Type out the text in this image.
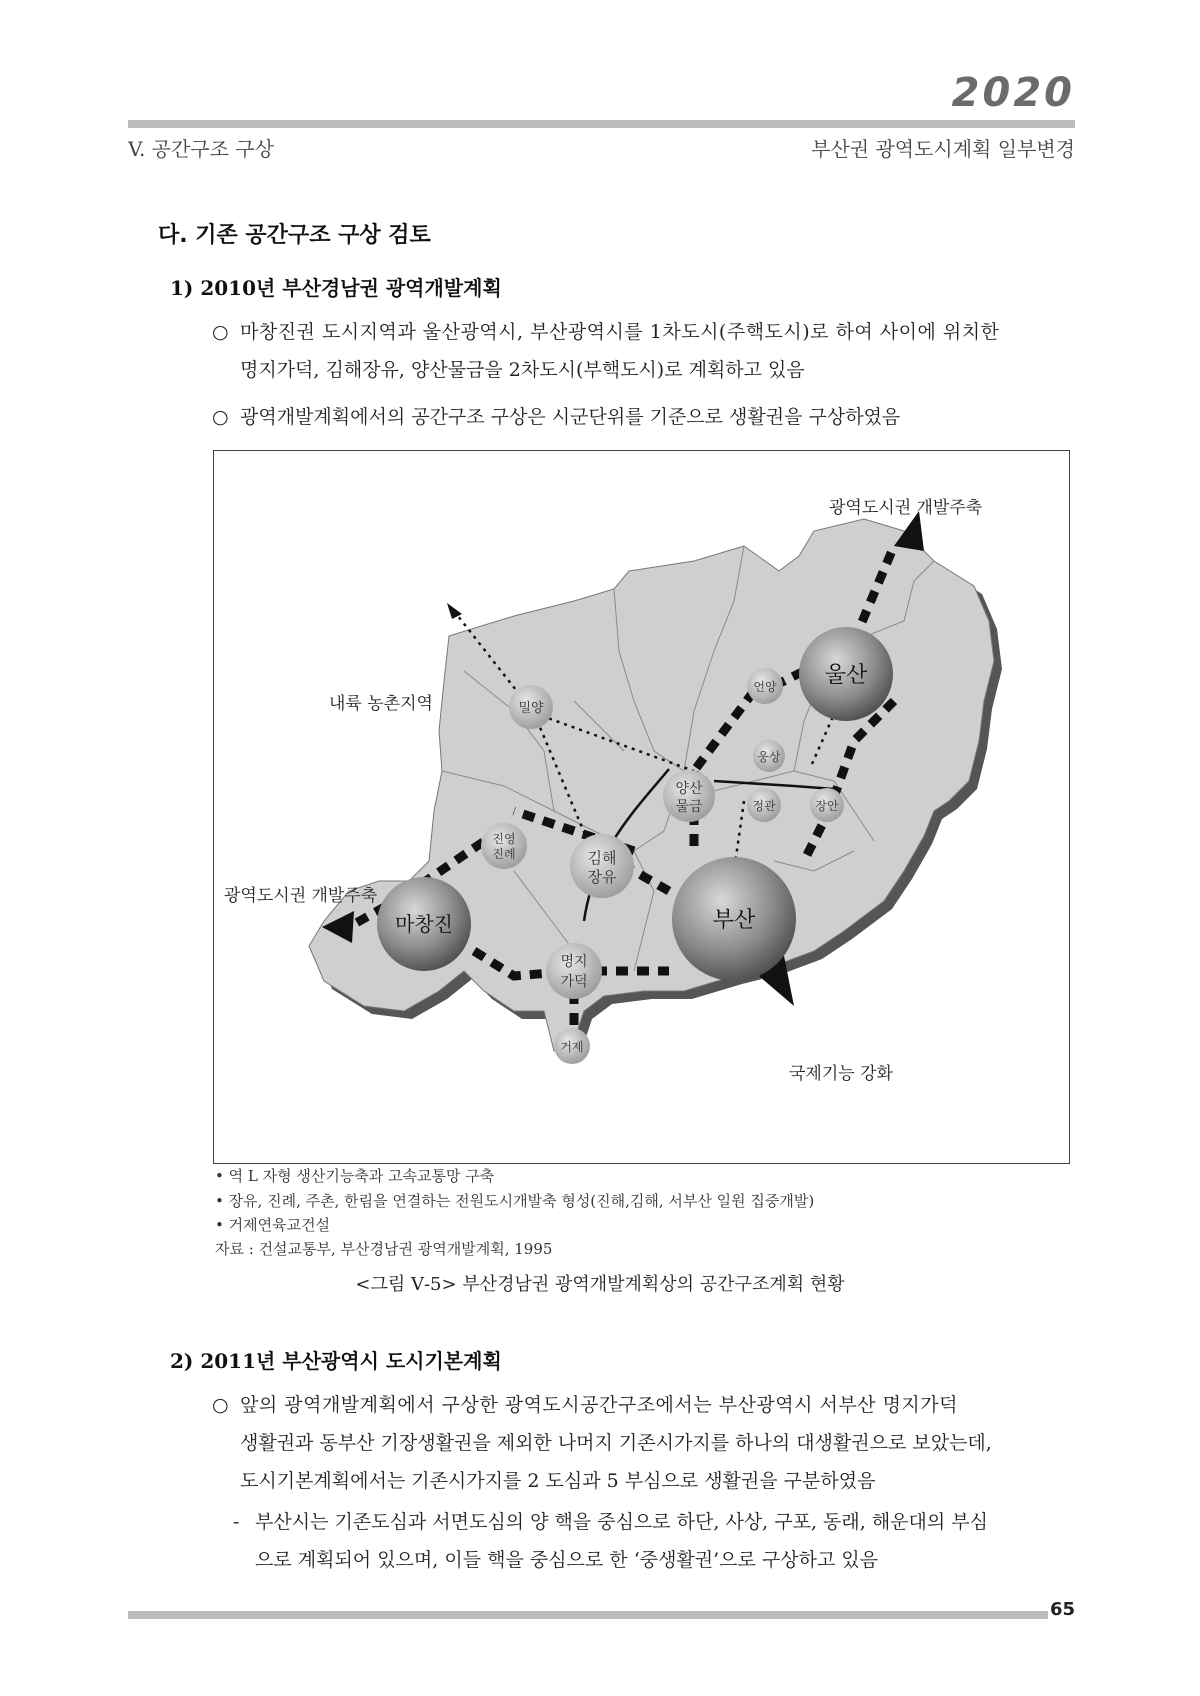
2020
V. 공간구조 구상	부산권 광역도시계획 일부변경
다. 기존 공간구조 구상 검토
1) 2010년 부산경남권 광역개발계획
○ 마창진권 도시지역과 울산광역시, 부산광역시를 1차도시(주핵도시)로 하여 사이에 위치한
명지가덕, 김해장유, 양산물금을 2차도시(부핵도시)로 계획하고 있음
○ 광역개발계획에서의 공간구조 구상은 시군단위를 기준으로 생활권을 구상하였음
울산
부산
마창진
언양
밀양
웅상
양산
물금	정관	장안
진영
진례	김해
장유
명지
가덕
거제
광역도시권 개발주축
내륙 농촌지역
광역도시권 개발주축
국제기능 강화
• 역 L 자형 생산기능축과 고속교통망 구축
• 장유, 진례, 주촌, 한림을 연결하는 전원도시개발축 형성(진해,김해, 서부산 일원 집중개발)
• 거제연육교건설
자료 : 건설교통부, 부산경남권 광역개발계획, 1995
<그림 Ⅴ-5> 부산경남권 광역개발계획상의 공간구조계획 현황
2) 2011년 부산광역시 도시기본계획
○ 앞의 광역개발계획에서 구상한 광역도시공간구조에서는 부산광역시 서부산 명지가덕
생활권과 동부산 기장생활권을 제외한 나머지 기존시가지를 하나의 대생활권으로 보았는데,
도시기본계획에서는 기존시가지를 2 도심과 5 부심으로 생활권을 구분하였음
- 부산시는 기존도심과 서면도심의 양 핵을 중심으로 하단, 사상, 구포, 동래, 해운대의 부심
으로 계획되어 있으며, 이들 핵을 중심으로 한 ‘중생활권’으로 구상하고 있음
65
